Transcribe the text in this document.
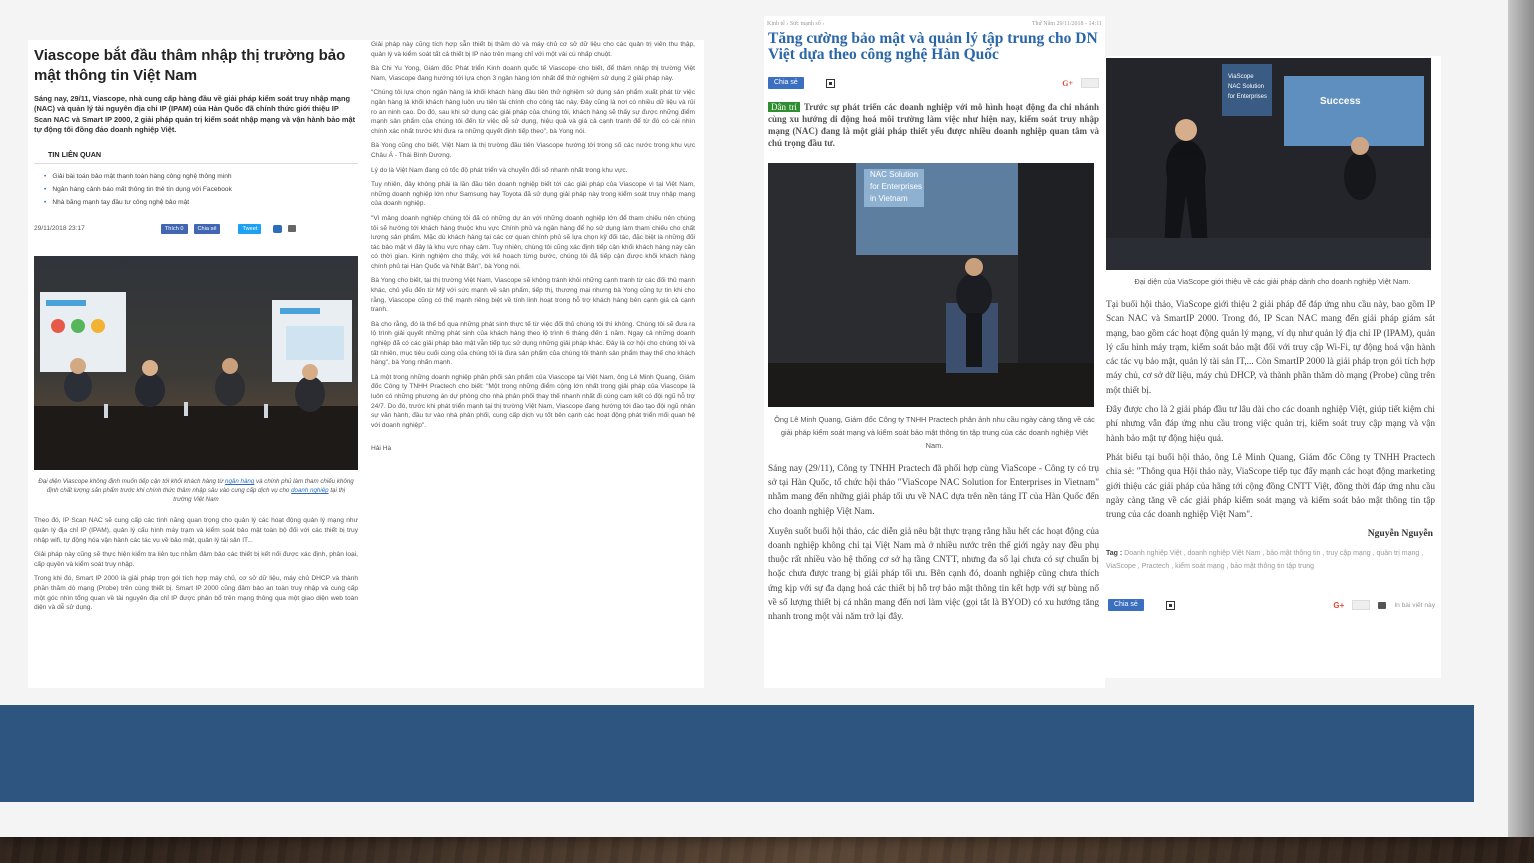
Viascope bắt đầu thâm nhập thị trường bảo mật thông tin Việt Nam

Sáng nay, 29/11, Viascope, nhà cung cấp hàng đầu về giải pháp kiểm soát truy nhập mạng (NAC) và quản lý tài nguyên địa chỉ IP (IPAM) của Hàn Quốc đã chính thức giới thiệu IP Scan NAC và Smart IP 2000, 2 giải pháp quản trị kiểm soát nhập mạng và vận hành bảo mật tự động tối đồng đảo doanh nghiệp Việt.

TIN LIÊN QUAN
• Giải bài toán bảo mật thanh toán hàng công nghệ thông minh
• Ngân hàng cảnh báo mất thông tin thẻ tín dụng với Facebook
• Nhà băng mạnh tay đầu tư công nghệ bảo mật
29/11/2018 23:17	Thích 0	Chia sẻ	Tweet

Đại diện Viascope không định muốn tiếp cận tới khối khách hàng từ ngân hàng và chính phủ làm tham chiếu không định chất lượng sản phẩm trước khi chính thức thâm nhập sâu vào cung cấp dịch vụ cho doanh nghiệp tại thị trường Việt Nam

Theo đó, IP Scan NAC sẽ cung cấp các tính năng quan trọng cho quản lý các hoạt động quản lý mạng như quản lý địa chỉ IP (IPAM), quản lý cấu hình máy trạm và kiểm soát bảo mật toàn bộ đối với các thiết bị truy nhập wifi, tự động hóa vận hành các tác vụ về bảo mật, quản lý tài sản IT...

Giải pháp này cũng sẽ thực hiện kiểm tra liên tục nhằm đảm bảo các thiết bị kết nối được xác định, phân loại, cấp quyền và kiểm soát truy nhập.

Trong khi đó, Smart IP 2000 là giải pháp trọn gói tích hợp máy chủ, cơ sở dữ liệu, máy chủ DHCP và thành phần thăm dò mạng (Probe) trên cùng thiết bị. Smart IP 2000 cũng đảm bảo an toàn truy nhập và cung cấp một góc nhìn tổng quan về tài nguyên địa chỉ IP được phân bổ trên mạng thông qua một giao diện web toàn diện và dễ sử dụng.

Giải pháp này cũng tích hợp sẵn thiết bị thăm dò và máy chủ cơ sở dữ liệu cho các quản trị viên thu thập, quản lý và kiểm soát tất cả thiết bị IP nào trên mạng chỉ với một vài cú nhấp chuột.

Bà Chi Yu Yong, Giám đốc Phát triển Kinh doanh quốc tế Viascope cho biết, để thâm nhập thị trường Việt Nam, Viascope đang hướng tới lựa chọn 3 ngân hàng lớn nhất để thử nghiệm sử dụng 2 giải pháp này.

"Chúng tôi lựa chọn ngân hàng là khối khách hàng đầu tiên thử nghiệm sử dụng sản phẩm xuất phát từ việc ngân hàng là khối khách hàng luôn ưu tiên tài chính cho công tác này. Đây cũng là nơi có nhiều dữ liệu và rủi ro an ninh cao. Do đó, sau khi sử dụng các giải pháp của chúng tôi, khách hàng sẽ thấy sự được những điểm mạnh sản phẩm của chúng tôi đến từ việc dễ sử dụng, hiệu quả và giá cả cạnh tranh để từ đó có cái nhìn chính xác nhất trước khi đưa ra những quyết định tiếp theo", bà Yong nói.

Bà Yong cũng cho biết, Việt Nam là thị trường đầu tiên Viascope hướng tới trong số các nước trong khu vực Châu Á - Thái Bình Dương.

Lý do là Việt Nam đang có tốc độ phát triển và chuyển đổi số nhanh nhất trong khu vực.

Tuy nhiên, đây không phải là lần đầu tiên doanh nghiệp biết tới các giải pháp của Viascope vì tại Việt Nam, những doanh nghiệp lớn như Samsung hay Toyota đã sử dụng giải pháp này trong kiểm soát truy nhập mạng của doanh nghiệp.

"Vì mảng doanh nghiệp chúng tôi đã có những dự án với những doanh nghiệp lớn để tham chiếu nên chúng tôi sẽ hướng tới khách hàng thuộc khu vực Chính phủ và ngân hàng để họ sử dụng làm tham chiếu cho chất lượng sản phẩm. Mặc dù khách hàng tại các cơ quan chính phủ sẽ lựa chọn kỹ đối tác, đặc biệt là những đối tác bảo mật vì đây là khu vực nhạy cảm. Tuy nhiên, chúng tôi cũng xác định tiếp cận khối khách hàng này cần có thời gian. Kinh nghiệm cho thấy, với kế hoạch từng bước, chúng tôi đã tiếp cận được khối khách hàng chính phủ tại Hàn Quốc và Nhật Bản", bà Yong nói.

Bà Yong cho biết, tại thị trường Việt Nam, Viascope sẽ không tránh khỏi những cạnh tranh từ các đối thủ mạnh khác, chủ yếu đến từ Mỹ với sức mạnh về sản phẩm, tiếp thị, thương mại nhưng bà Yong cũng tự tin khi cho rằng, Viascope cũng có thế mạnh riêng biệt về tính linh hoạt trong hỗ trợ khách hàng bên cạnh giá cả cạnh tranh.

Bà cho rằng, đó là thế bổ qua những phát sinh thực tế từ việc đối thủ chúng tôi thì không. Chúng tôi sẽ đưa ra lộ trình giải quyết những phát sinh của khách hàng theo lộ trình 6 tháng đến 1 năm. Ngay cả những doanh nghiệp đã có các giải pháp bảo mật vẫn tiếp tục sử dụng những giải pháp khác. Đây là cơ hội cho chúng tôi và tất nhiên, mục tiêu cuối cùng của chúng tôi là đưa sản phẩm của chúng tôi thành sản phẩm thay thế cho khách hàng", bà Yong nhấn mạnh.

Là một trong những doanh nghiệp phân phối sản phẩm của Viascope tại Việt Nam, ông Lê Minh Quang, Giám đốc Công ty TNHH Practech cho biết: "Một trong những điểm cộng lớn nhất trong giải pháp của Viascope là luôn có những phương án dự phòng cho nhà phân phối thay thế nhanh nhất đi cùng cam kết có đội ngũ hỗ trợ 24/7. Do đó, trước khi phát triển mạnh tại thị trường Việt Nam, Viascope đang hướng tới đào tạo đội ngũ nhân sự văn hành, đầu tư vào nhà phân phối, cung cấp dịch vụ tốt bên cạnh các hoạt động phát triển mối quan hệ với doanh nghiệp".

Hải Hà

Kinh tế › Sức mạnh số ›	Thứ Năm 29/11/2018 - 14:11
Tăng cường bảo mật và quản lý tập trung cho DN Việt dựa theo công nghệ Hàn Quốc
Chia sẻ	G+

Dân trí Trước sự phát triển các doanh nghiệp với mô hình hoạt động đa chi nhánh cùng xu hướng di động hoá môi trường làm việc như hiện nay, kiểm soát truy nhập mạng (NAC) đang là một giải pháp thiết yếu được nhiều doanh nghiệp quan tâm và chú trọng đầu tư.

NAC Solution
for Enterprises
in Vietnam

Ông Lê Minh Quang, Giám đốc Công ty TNHH Practech phân ảnh nhu cầu ngày càng tăng về các giải pháp kiểm soát mạng và kiểm soát bảo mật thông tin tập trung của các doanh nghiệp Việt Nam.

Sáng nay (29/11), Công ty TNHH Practech đã phối hợp cùng ViaScope - Công ty có trụ sở tại Hàn Quốc, tổ chức hội thảo "ViaScope NAC Solution for Enterprises in Vietnam" nhằm mang đến những giải pháp tối ưu về NAC dựa trên nền tảng IT của Hàn Quốc đến cho doanh nghiệp Việt Nam.

Xuyên suốt buổi hội thảo, các diễn giả nêu bật thực trạng rằng hầu hết các hoạt động của doanh nghiệp không chỉ tại Việt Nam mà ở nhiều nước trên thế giới ngày nay đều phụ thuộc rất nhiều vào hệ thống cơ sở hạ tầng CNTT, nhưng đa số lại chưa có sự chuẩn bị hoặc chưa được trang bị giải pháp tối ưu. Bên cạnh đó, doanh nghiệp cũng chưa thích ứng kịp với sự đa dạng hoá các thiết bị hỗ trợ bảo mật thông tin kết hợp với sự bùng nổ về số lượng thiết bị cá nhân mang đến nơi làm việc (gọi tắt là BYOD) có xu hướng tăng nhanh trong một vài năm trở lại đây.

ViaScope
NAC Solution
for Enterprises	Success

Đại diện của ViaScope giới thiệu về các giải pháp dành cho doanh nghiệp Việt Nam.

Tại buổi hội thảo, ViaScope giới thiệu 2 giải pháp để đáp ứng nhu cầu này, bao gồm IP Scan NAC và SmartIP 2000. Trong đó, IP Scan NAC mang đến giải pháp giám sát mạng, bao gồm các hoạt động quản lý mạng, ví dụ như quản lý địa chỉ IP (IPAM), quản lý cấu hình máy trạm, kiểm soát bảo mật đối với truy cập Wi-Fi, tự động hoá vận hành các tác vụ bảo mật, quản lý tài sản IT,... Còn SmartIP 2000 là giải pháp trọn gói tích hợp máy chủ, cơ sở dữ liệu, máy chủ DHCP, và thành phần thăm dò mạng (Probe) cũng trên một thiết bị.

Đây được cho là 2 giải pháp đầu tư lâu dài cho các doanh nghiệp Việt, giúp tiết kiệm chi phí nhưng vẫn đáp ứng nhu cầu trong việc quản trị, kiểm soát truy cập mạng và vận hành bảo mật tự động hiệu quả.

Phát biểu tại buổi hội thảo, ông Lê Minh Quang, Giám đốc Công ty TNHH Practech chia sẻ: "Thông qua Hội thảo này, ViaScope tiếp tục đẩy mạnh các hoạt động marketing giới thiệu các giải pháp của hãng tới cộng đồng CNTT Việt, đồng thời đáp ứng nhu cầu ngày càng tăng về các giải pháp kiểm soát mạng và kiểm soát bảo mật thông tin tập trung của các doanh nghiệp Việt Nam".

Nguyễn Nguyễn

Tag : Doanh nghiệp Việt , doanh nghiệp Việt Nam , bảo mật thông tin , truy cập mạng , quản trị mạng , ViaScope , Practech , kiểm soát mạng , bảo mật thông tin tập trung

Chia sẻ	G+	In bài viết này
